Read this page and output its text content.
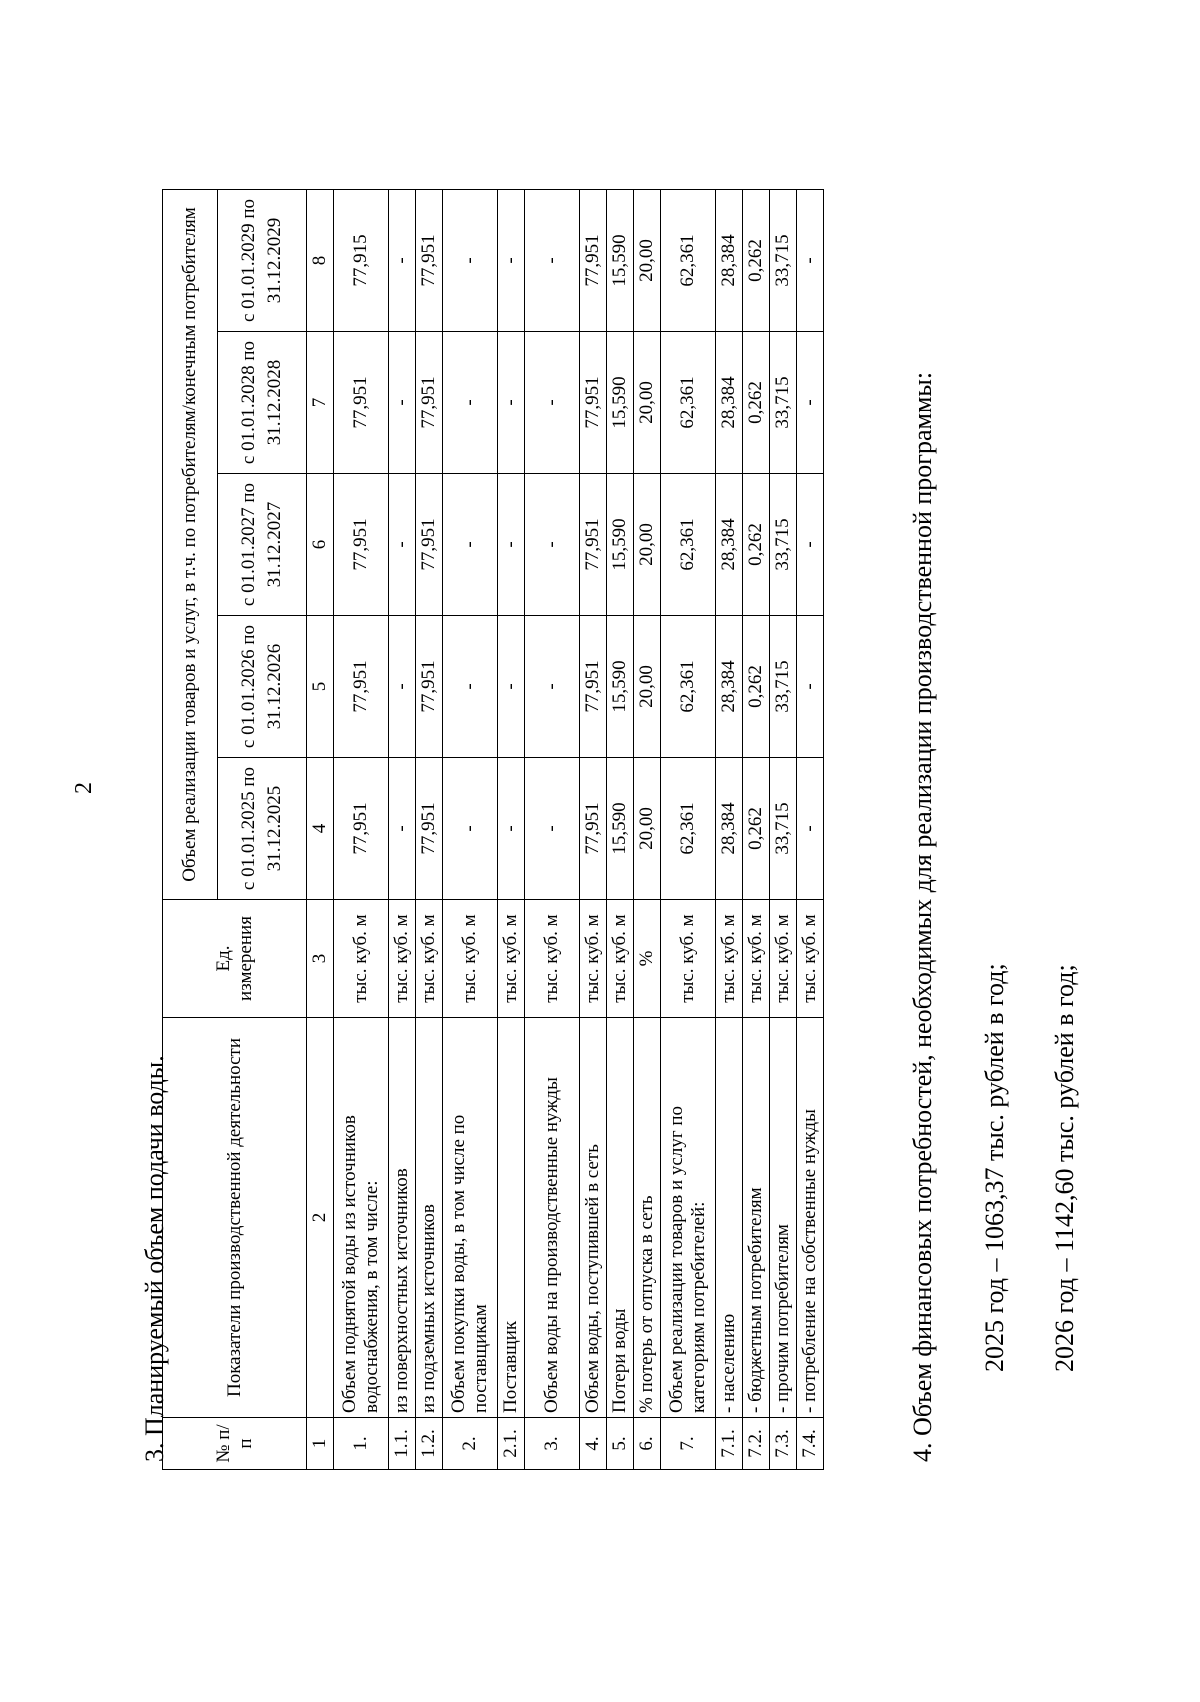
2
3. Планируемый объем подачи воды. № п/п	Показатели производственной деятельности	Ед. измерения	Объем реализации товаров и услуг, в т.ч. по потребителям/конечным потребителям				
			с 01.01.2025 по 31.12.2025	с 01.01.2026 по 31.12.2026	с 01.01.2027 по 31.12.2027	с 01.01.2028 по 31.12.2028	с 01.01.2029 по 31.12.2029
1	2	3	4	5	6	7	8
1.	Объем поднятой воды из источников водоснабжения, в том числе:	тыс. куб. м	77,951	77,951	77,951	77,951	77,915
1.1.	из поверхностных источников	тыс. куб. м	-	-	-	-	-
1.2.	из подземных источников	тыс. куб. м	77,951	77,951	77,951	77,951	77,951
2.	Объем покупки воды, в том числе по поставщикам	тыс. куб. м	-	-	-	-	-
2.1.	Поставщик	тыс. куб. м	-	-	-	-	-
3.	Объем воды на производственные нужды	тыс. куб. м	-	-	-	-	-
4.	Объем воды, поступившей в сеть	тыс. куб. м	77,951	77,951	77,951	77,951	77,951
5.	Потери воды	тыс. куб. м	15,590	15,590	15,590	15,590	15,590
6.	% потерь от отпуска в сеть	%	20,00	20,00	20,00	20,00	20,00
7.	Объем реализации товаров и услуг по категориям потребителей:	тыс. куб. м	62,361	62,361	62,361	62,361	62,361
7.1.	- населению	тыс. куб. м	28,384	28,384	28,384	28,384	28,384
7.2.	- бюджетным потребителям	тыс. куб. м	0,262	0,262	0,262	0,262	0,262
7.3.	- прочим потребителям	тыс. куб. м	33,715	33,715	33,715	33,715	33,715
7.4.	- потребление на собственные нужды	тыс. куб. м	-	-	-	-	-
4. Объем финансовых потребностей, необходимых для реализации производственной программы: 2025 год – 1063,37 тыс. рублей в год; 2026 год – 1142,60 тыс. рублей в год;
